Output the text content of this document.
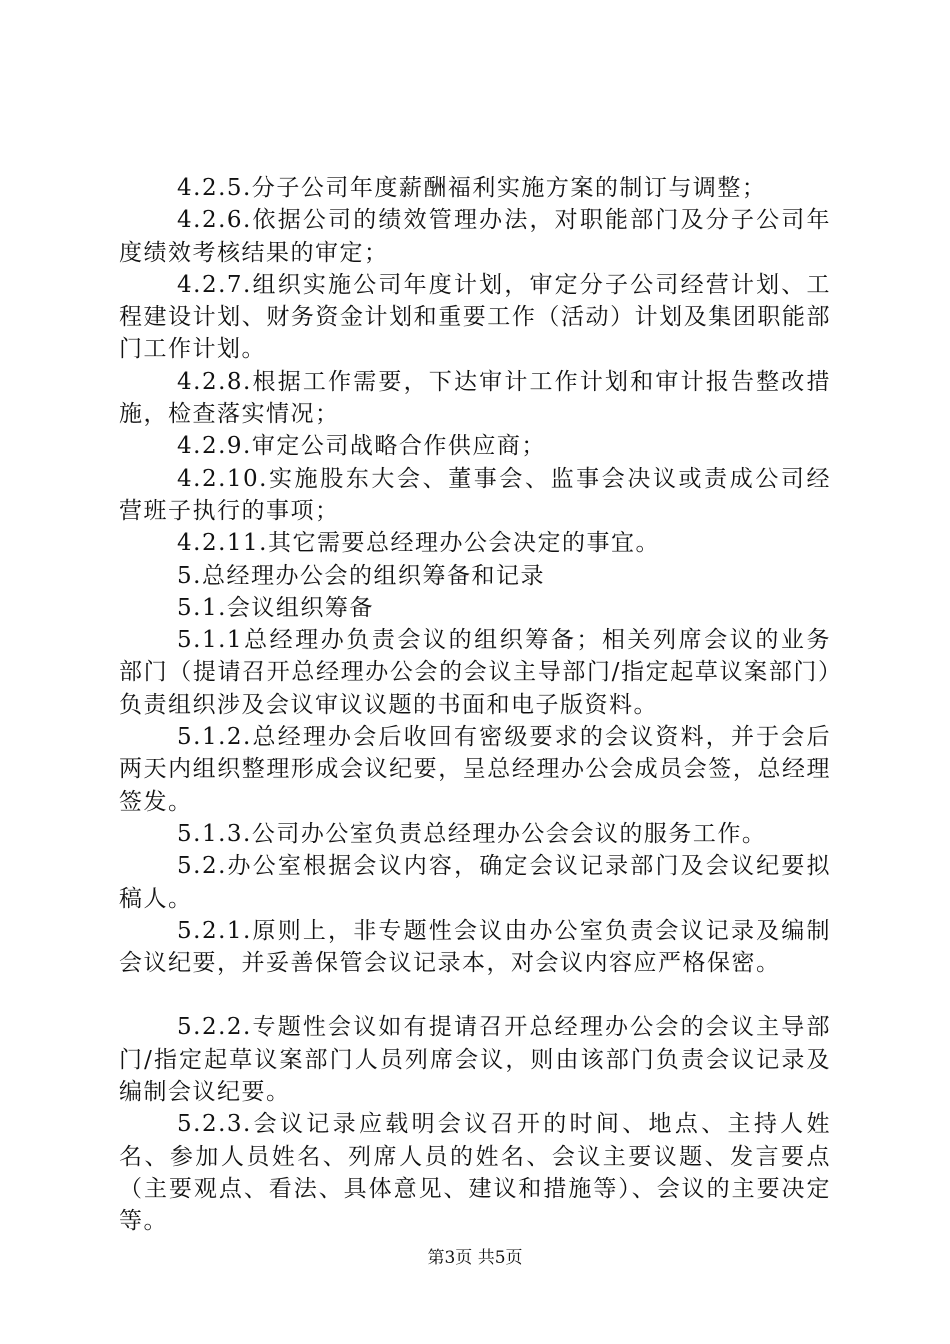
4.2.5.分子公司年度薪酬福利实施方案的制订与调整；

4.2.6.依据公司的绩效管理办法，对职能部门及分子公司年度绩效考核结果的审定；

4.2.7.组织实施公司年度计划，审定分子公司经营计划、工程建设计划、财务资金计划和重要工作（活动）计划及集团职能部门工作计划。

4.2.8.根据工作需要，下达审计工作计划和审计报告整改措施，检查落实情况；

4.2.9.审定公司战略合作供应商；

4.2.10.实施股东大会、董事会、监事会决议或责成公司经营班子执行的事项；

4.2.11.其它需要总经理办公会决定的事宜。

5.总经理办公会的组织筹备和记录

5.1.会议组织筹备

5.1.1总经理办负责会议的组织筹备；相关列席会议的业务部门（提请召开总经理办公会的会议主导部门/指定起草议案部门）负责组织涉及会议审议议题的书面和电子版资料。

5.1.2.总经理办会后收回有密级要求的会议资料，并于会后两天内组织整理形成会议纪要，呈总经理办公会成员会签，总经理签发。

5.1.3.公司办公室负责总经理办公会会议的服务工作。

5.2.办公室根据会议内容，确定会议记录部门及会议纪要拟稿人。

5.2.1.原则上，非专题性会议由办公室负责会议记录及编制会议纪要，并妥善保管会议记录本，对会议内容应严格保密。

5.2.2.专题性会议如有提请召开总经理办公会的会议主导部门/指定起草议案部门人员列席会议，则由该部门负责会议记录及编制会议纪要。

5.2.3.会议记录应载明会议召开的时间、地点、主持人姓名、参加人员姓名、列席人员的姓名、会议主要议题、发言要点（主要观点、看法、具体意见、建议和措施等）、会议的主要决定等。

第3页 共5页
